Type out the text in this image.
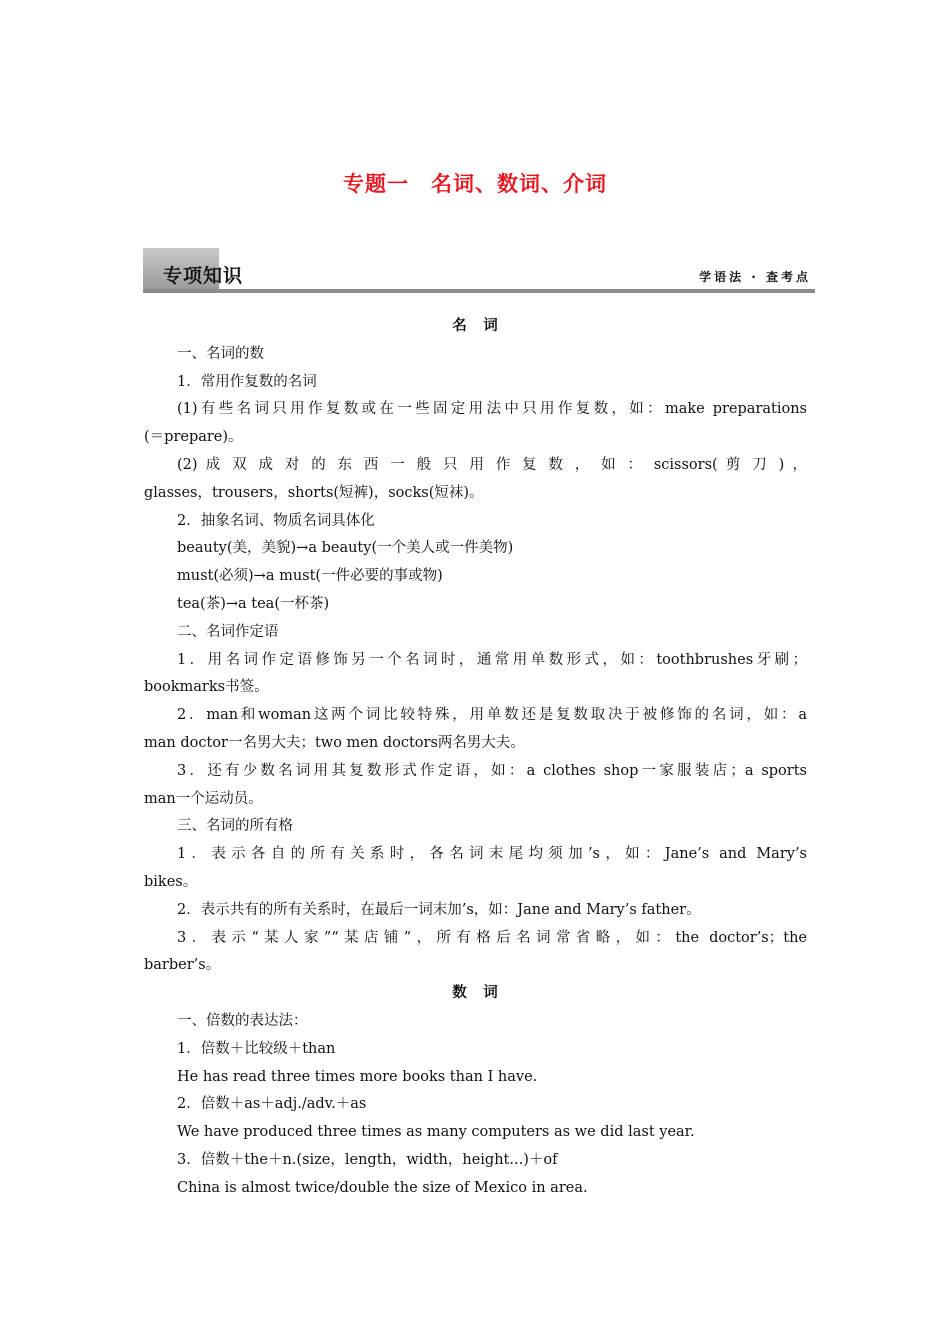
专题一　名词、数词、介词
专项知识	学语法 · 查考点

名　词

一、名词的数

1．常用作复数的名词

(1)有些名词只用作复数或在一些固定用法中只用作复数，如：make preparations

(＝prepare)。

(2) 成 双 成 对 的 东 西 一 般 只 用 作 复 数 ， 如 ： scissors( 剪 刀 ) ，

glasses，trousers，shorts(短裤)，socks(短袜)。

2．抽象名词、物质名词具体化

beauty(美，美貌)→a beauty(一个美人或一件美物)

must(必须)→a must(一件必要的事或物)

tea(茶)→a tea(一杯茶)

二、名词作定语

1．用名词作定语修饰另一个名词时，通常用单数形式，如：toothbrushes牙刷；

bookmarks书签。

2．man和woman这两个词比较特殊，用单数还是复数取决于被修饰的名词，如：a

man doctor一名男大夫；two men doctors两名男大夫。

3．还有少数名词用其复数形式作定语，如：a clothes shop一家服装店；a sports

man一个运动员。

三、名词的所有格

1．表示各自的所有关系时，各名词末尾均须加’s，如：Jane’s and Mary’s

bikes。

2．表示共有的所有关系时，在最后一词末加’s，如：Jane and Mary’s father。

3．表示“某人家”“某店铺”，所有格后名词常省略，如：the doctor’s；the

barber’s。

数　词

一、倍数的表达法：

1．倍数＋比较级＋than

He has read three times more books than I have.

2．倍数＋as＋adj./adv.＋as

We have produced three times as many computers as we did last year.

3．倍数＋the＋n.(size，length，width，height...)＋of

China is almost twice/double the size of Mexico in area.
